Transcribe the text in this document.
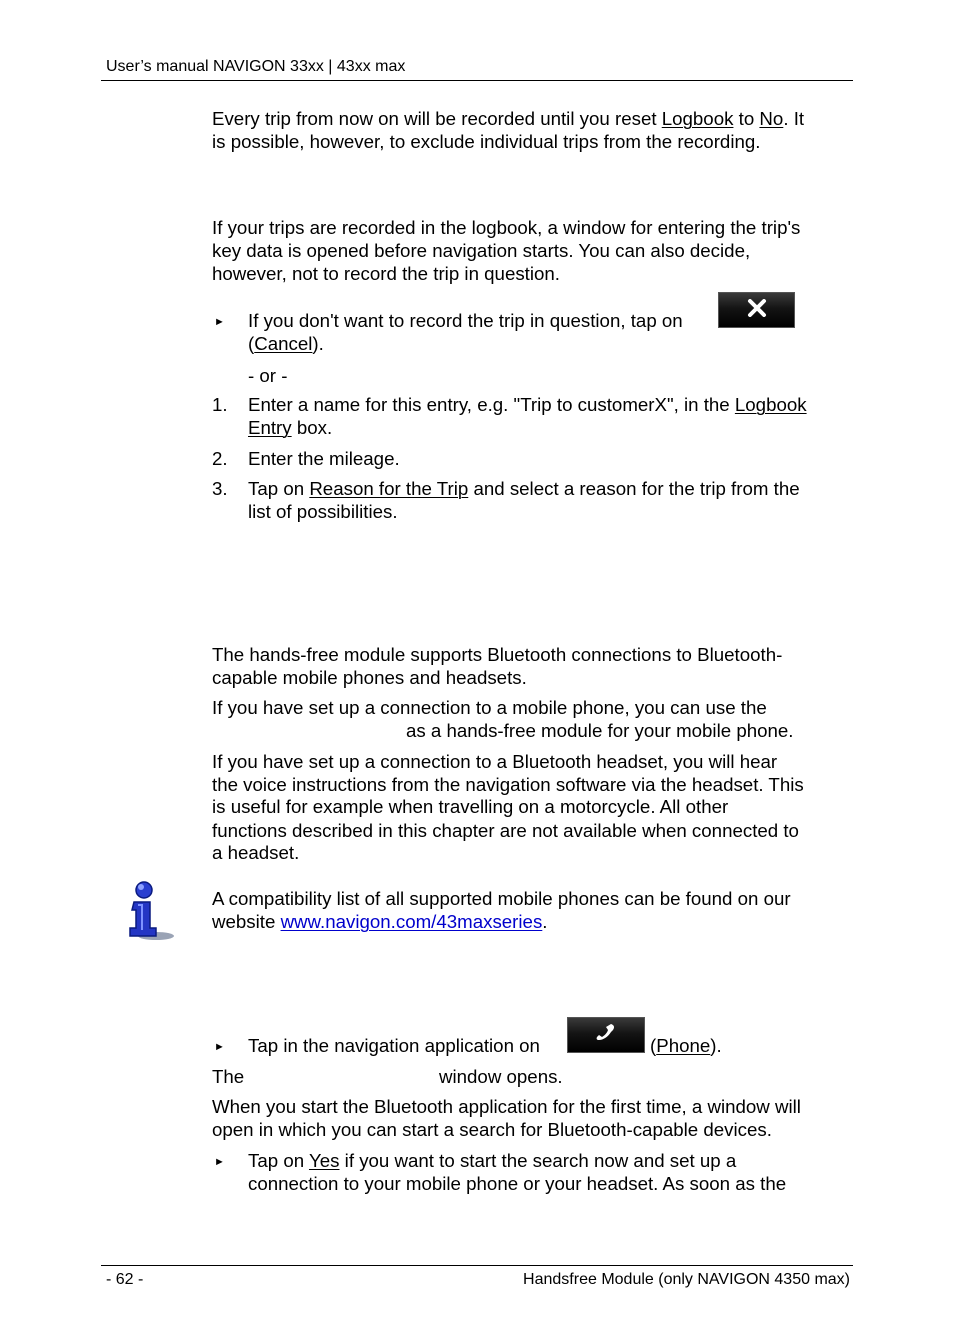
User’s manual NAVIGON 33xx | 43xx max
Every trip from now on will be recorded until you reset Logbook to No. It
is possible, however, to exclude individual trips from the recording.
If your trips are recorded in the logbook, a window for entering the trip's
key data is opened before navigation starts. You can also decide,
however, not to record the trip in question.
► If you don't want to record the trip in question, tap on
(Cancel).
- or -
1. Enter a name for this entry, e.g. "Trip to customerX", in the Logbook
Entry box.
2. Enter the mileage.
3. Tap on Reason for the Trip and select a reason for the trip from the
list of possibilities.
The hands-free module supports Bluetooth connections to Bluetooth-
capable mobile phones and headsets.
If you have set up a connection to a mobile phone, you can use the
as a hands-free module for your mobile phone.
If you have set up a connection to a Bluetooth headset, you will hear
the voice instructions from the navigation software via the headset. This
is useful for example when travelling on a motorcycle. All other
functions described in this chapter are not available when connected to
a headset.
A compatibility list of all supported mobile phones can be found on our
website www.navigon.com/43maxseries.
► Tap in the navigation application on	(Phone).
The	window opens.
When you start the Bluetooth application for the first time, a window will
open in which you can start a search for Bluetooth-capable devices.
► Tap on Yes if you want to start the search now and set up a
connection to your mobile phone or your headset. As soon as the
- 62 -	Handsfree Module (only NAVIGON 4350 max)
